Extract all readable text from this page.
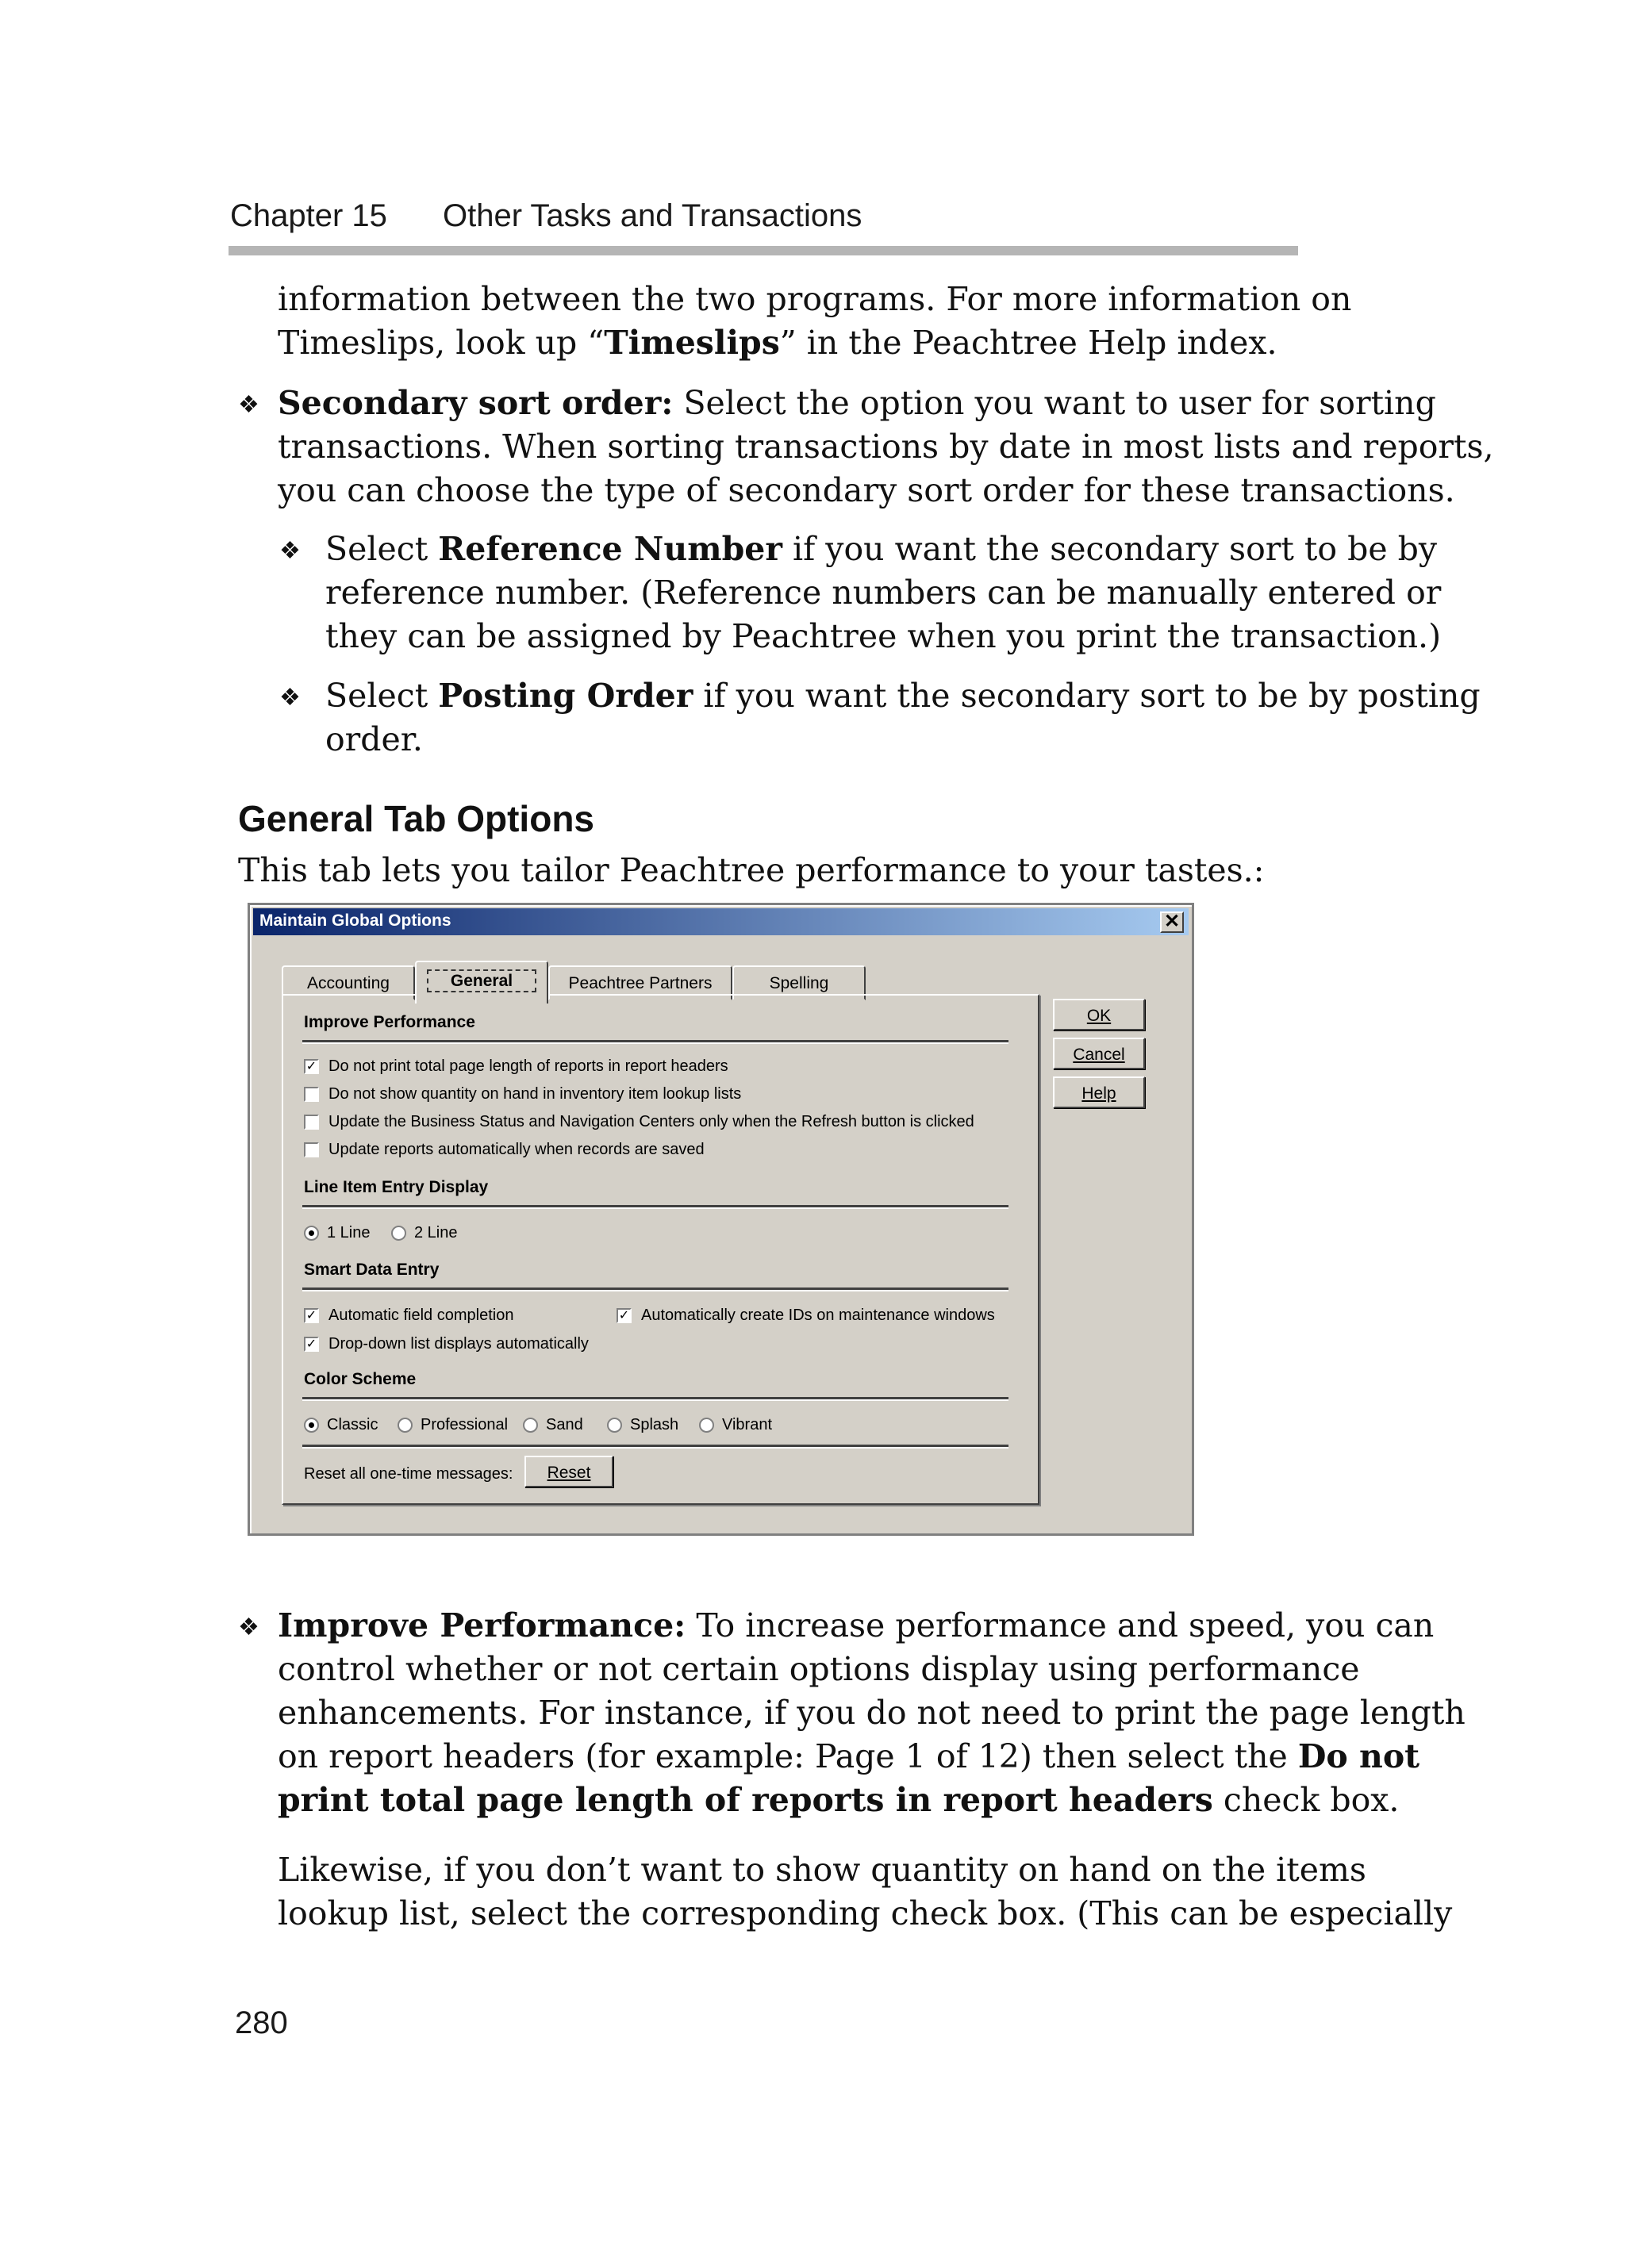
Chapter 15 Other Tasks and Transactions
information between the two programs. For more information on
Timeslips, look up “Timeslips” in the Peachtree Help index.
❖ Secondary sort order: Select the option you want to user for sorting
transactions. When sorting transactions by date in most lists and reports,
you can choose the type of secondary sort order for these transactions.
❖ Select Reference Number if you want the secondary sort to be by
reference number. (Reference numbers can be manually entered or
they can be assigned by Peachtree when you print the transaction.)
❖ Select Posting Order if you want the secondary sort to be by posting
order.
General Tab Options
This tab lets you tailor Peachtree performance to your tastes.:
Maintain Global Options	✕
Accounting	General	Peachtree Partners	Spelling
Improve Performance
✓ Do not print total page length of reports in report headers
Do not show quantity on hand in inventory item lookup lists
Update the Business Status and Navigation Centers only when the Refresh button is clicked
Update reports automatically when records are saved
Line Item Entry Display
1 Line	2 Line
Smart Data Entry
✓ Automatic field completion	✓ Automatically create IDs on maintenance windows
✓ Drop-down list displays automatically
Color Scheme
Classic	Professional	Sand	Splash	Vibrant
Reset all one-time messages:	Reset
OK
Cancel
Help
❖ Improve Performance: To increase performance and speed, you can
control whether or not certain options display using performance
enhancements. For instance, if you do not need to print the page length
on report headers (for example: Page 1 of 12) then select the Do not
print total page length of reports in report headers check box.
Likewise, if you don’t want to show quantity on hand on the items
lookup list, select the corresponding check box. (This can be especially
280
